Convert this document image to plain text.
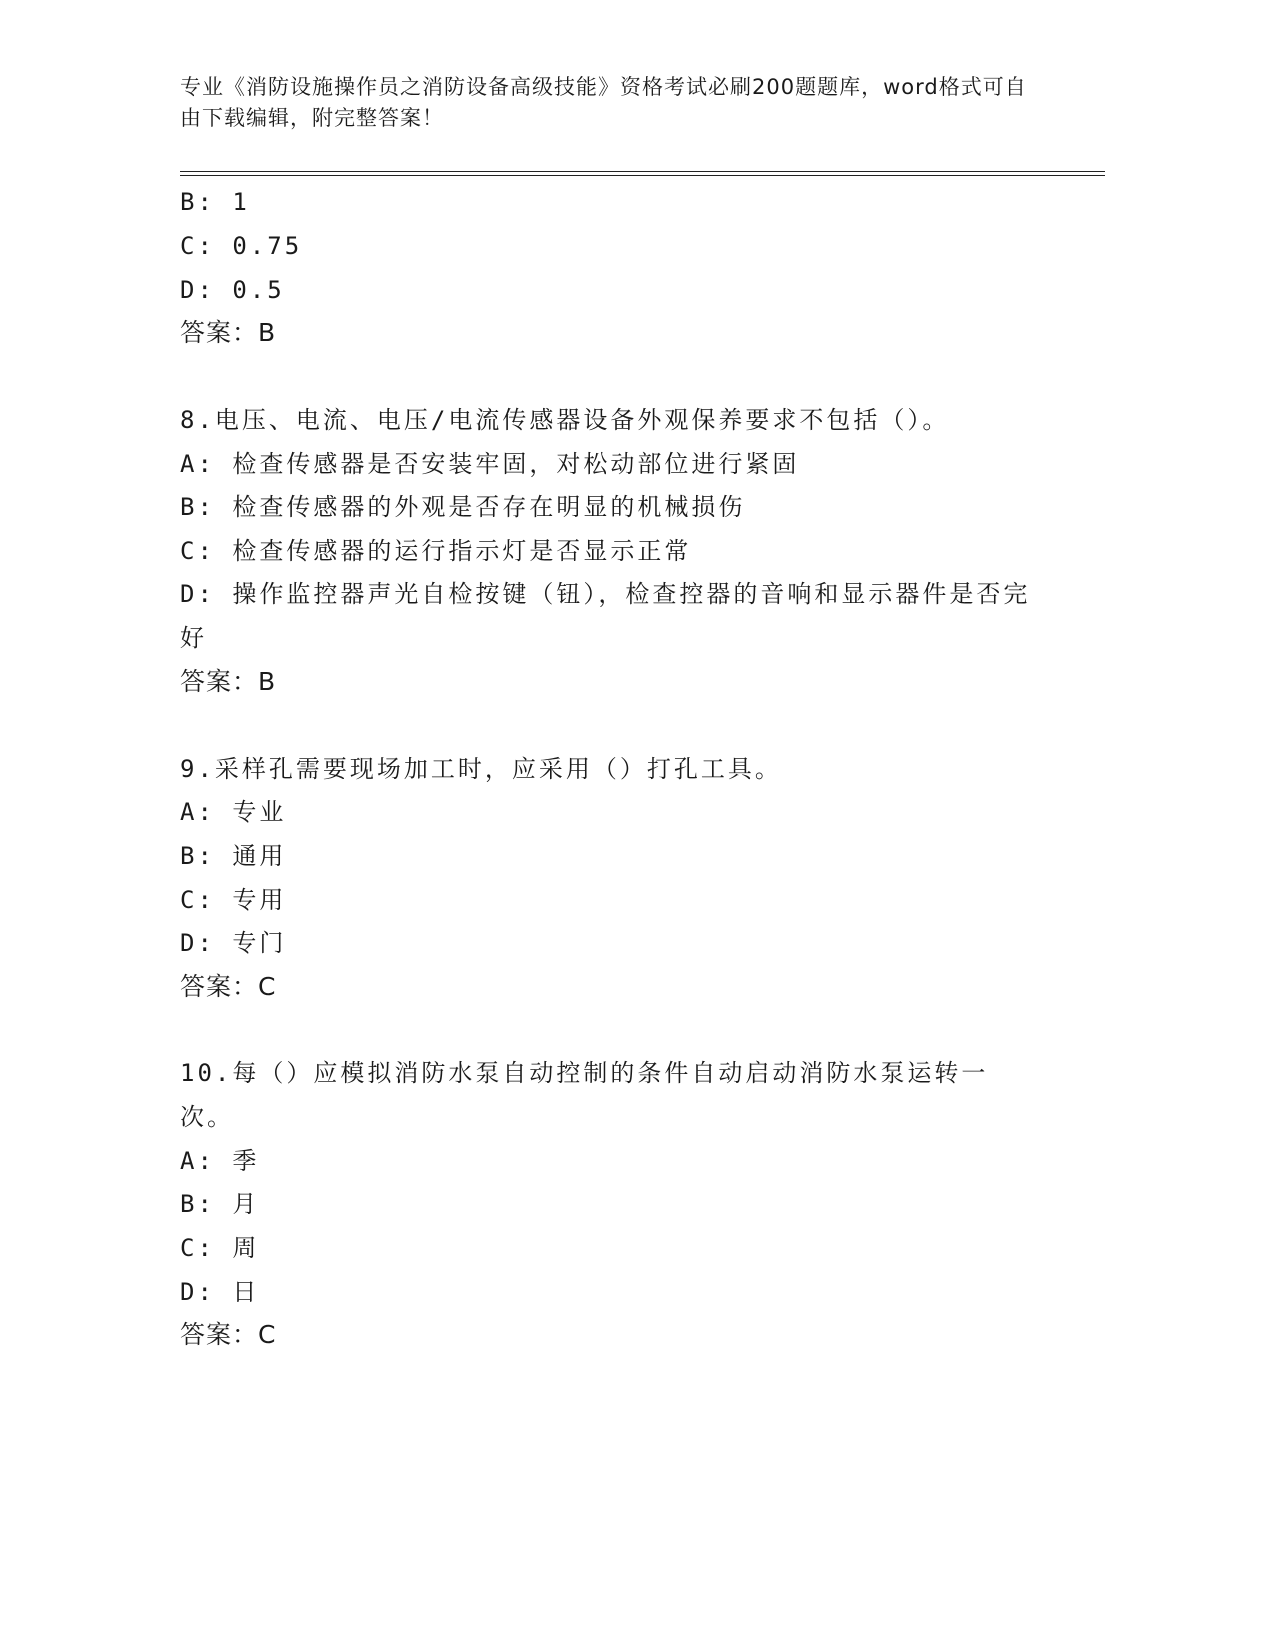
专业《消防设施操作员之消防设备高级技能》资格考试必刷200题题库，word格式可自由下载编辑，附完整答案！
B: 1
C: 0.75
D: 0.5
答案：B
8.电压、电流、电压/电流传感器设备外观保养要求不包括（）。
A: 检查传感器是否安装牢固，对松动部位进行紧固
B: 检查传感器的外观是否存在明显的机械损伤
C: 检查传感器的运行指示灯是否显示正常
D: 操作监控器声光自检按键（钮），检查控器的音响和显示器件是否完好
答案：B
9.采样孔需要现场加工时，应采用（）打孔工具。
A: 专业
B: 通用
C: 专用
D: 专门
答案：C
10.每（）应模拟消防水泵自动控制的条件自动启动消防水泵运转一次。
A: 季
B: 月
C: 周
D: 日
答案：C
